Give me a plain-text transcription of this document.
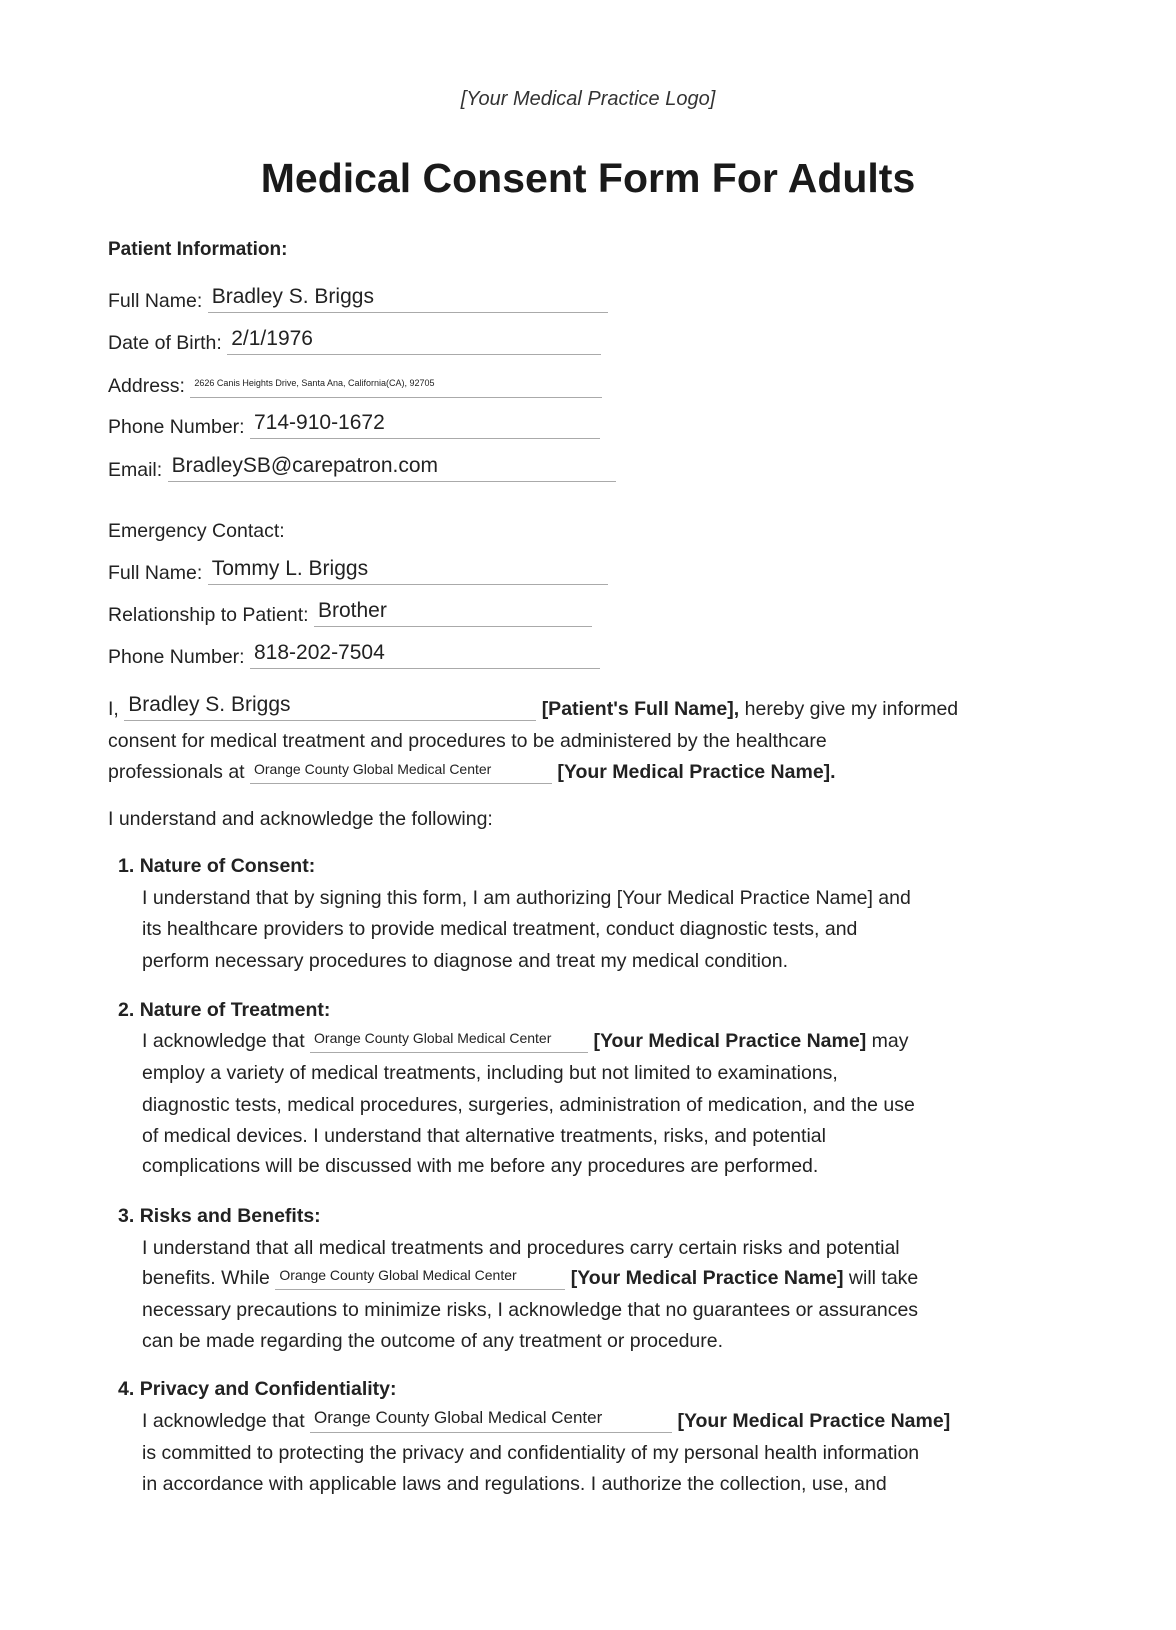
[Your Medical Practice Logo]
Medical Consent Form For Adults
Patient Information:
Full Name: Bradley S. Briggs
Date of Birth: 2/1/1976
Address: $^{2626 Canis Heights Drive, Santa Ana, California(CA), 92705}$
Phone Number: 714-910-1672
Email: BradleySB@carepatron.com
Emergency Contact:
Full Name: Tommy L. Briggs
Relationship to Patient: Brother
Phone Number: 818-202-7504
I, Bradley S. Briggs	[Patient's Full Name], hereby give my informed
consent for medical treatment and procedures to be administered by the healthcare
professionals at $^{Orange County Global Medical Center}$	[Your Medical Practice Name].
I understand and acknowledge the following:
1. Nature of Consent:
I understand that by signing this form, I am authorizing [Your Medical Practice Name] and
its healthcare providers to provide medical treatment, conduct diagnostic tests, and
perform necessary procedures to diagnose and treat my medical condition.
2. Nature of Treatment:
I acknowledge that $^{Orange County Global Medical Center}$ [Your Medical Practice Name] may
employ a variety of medical treatments, including but not limited to examinations,
diagnostic tests, medical procedures, surgeries, administration of medication, and the use
of medical devices. I understand that alternative treatments, risks, and potential
complications will be discussed with me before any procedures are performed.
3. Risks and Benefits:
I understand that all medical treatments and procedures carry certain risks and potential
benefits. While $^{Orange County Global Medical Center}$	[Your Medical Practice Name] will take
necessary precautions to minimize risks, I acknowledge that no guarantees or assurances
can be made regarding the outcome of any treatment or procedure.
4. Privacy and Confidentiality:
I acknowledge that Orange County Global Medical Center	[Your Medical Practice Name]
is committed to protecting the privacy and confidentiality of my personal health information
in accordance with applicable laws and regulations. I authorize the collection, use, and
